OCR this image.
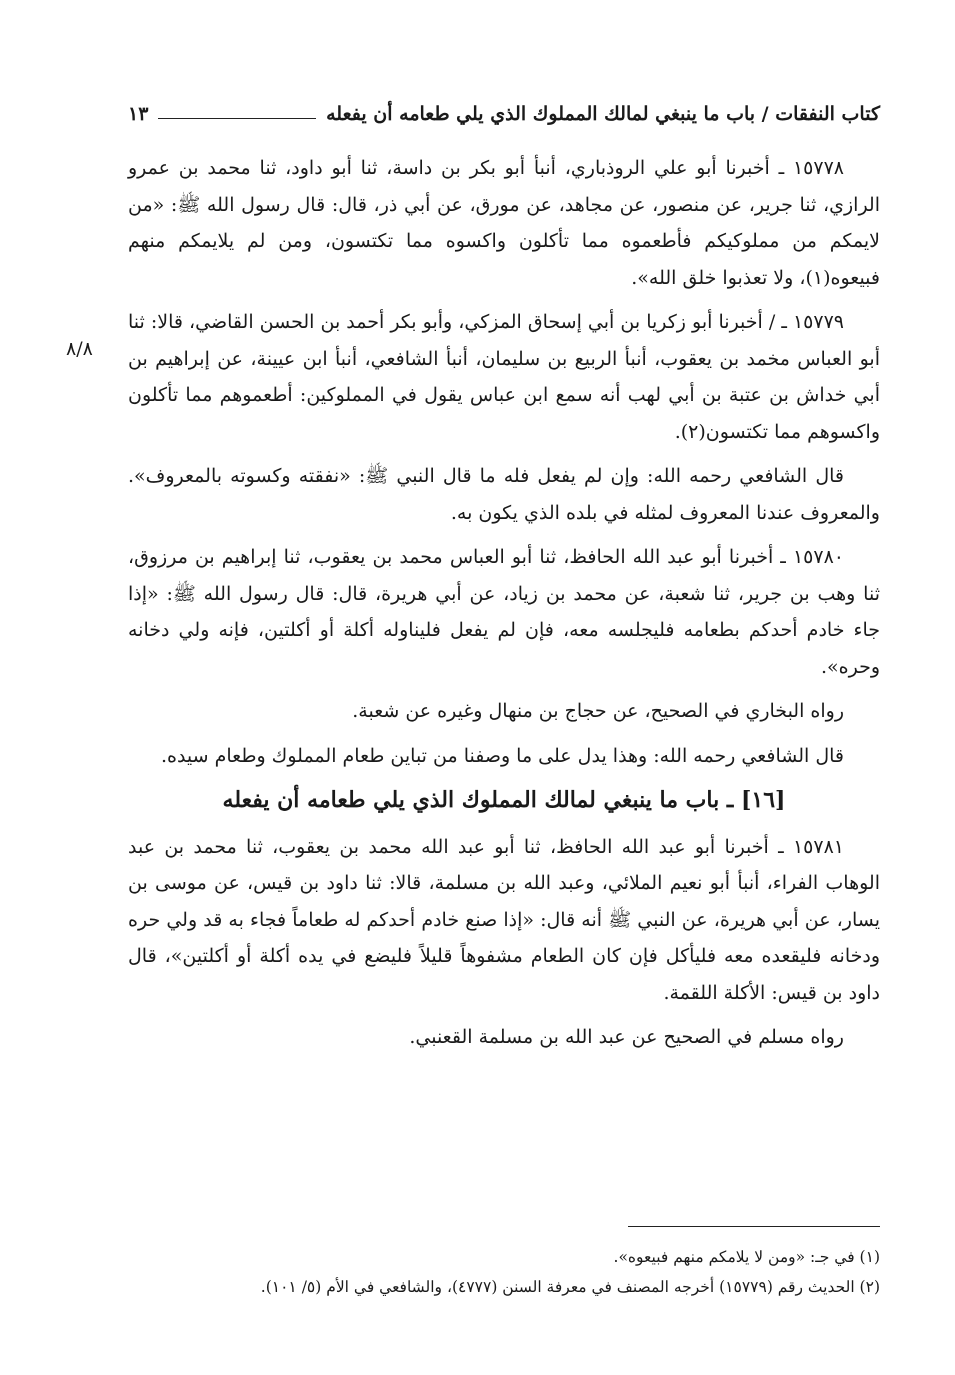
كتاب النفقات / باب ما ينبغي لمالك المملوك الذي يلي طعامه أن يفعله
١٣
٨/٨

١٥٧٧٨ ـ أخبرنا أبو علي الروذباري، أنبأ أبو بكر بن داسة، ثنا أبو داود، ثنا محمد بن عمرو الرازي، ثنا جرير، عن منصور، عن مجاهد، عن مورق، عن أبي ذر، قال: قال رسول الله ﷺ: «من لايمكم من مملوكيكم فأطعموه مما تأكلون واكسوه مما تكتسون، ومن لم يلايمكم منهم فبيعوه(١)، ولا تعذبوا خلق الله».

١٥٧٧٩ ـ / أخبرنا أبو زكريا بن أبي إسحاق المزكي، وأبو بكر أحمد بن الحسن القاضي، قالا: ثنا أبو العباس مخمد بن يعقوب، أنبأ الربيع بن سليمان، أنبأ الشافعي، أنبأ ابن عيينة، عن إبراهيم بن أبي خداش بن عتبة بن أبي لهب أنه سمع ابن عباس يقول في المملوكين: أطعموهم مما تأكلون واكسوهم مما تكتسون(٢).

قال الشافعي رحمه الله: وإن لم يفعل فله ما قال النبي ﷺ: «نفقته وكسوته بالمعروف». والمعروف عندنا المعروف لمثله في بلده الذي يكون به.

١٥٧٨٠ ـ أخبرنا أبو عبد الله الحافظ، ثنا أبو العباس محمد بن يعقوب، ثنا إبراهيم بن مرزوق، ثنا وهب بن جرير، ثنا شعبة، عن محمد بن زياد، عن أبي هريرة، قال: قال رسول الله ﷺ: «إذا جاء خادم أحدكم بطعامه فليجلسه معه، فإن لم يفعل فليناوله أكلة أو أكلتين، فإنه ولي دخانه وحره».

رواه البخاري في الصحيح، عن حجاج بن منهال وغيره عن شعبة.

قال الشافعي رحمه الله: وهذا يدل على ما وصفنا من تباين طعام المملوك وطعام سيده.

[١٦] ـ باب ما ينبغي لمالك المملوك الذي يلي طعامه أن يفعله

١٥٧٨١ ـ أخبرنا أبو عبد الله الحافظ، ثنا أبو عبد الله محمد بن يعقوب، ثنا محمد بن عبد الوهاب الفراء، أنبأ أبو نعيم الملائي، وعبد الله بن مسلمة، قالا: ثنا داود بن قيس، عن موسى بن يسار، عن أبي هريرة، عن النبي ﷺ أنه قال: «إذا صنع خادم أحدكم له طعاماً فجاء به قد ولي حره ودخانه فليقعده معه فليأكل فإن كان الطعام مشفوهاً قليلاً فليضع في يده أكلة أو أكلتين»، قال داود بن قيس: الأكلة اللقمة.

رواه مسلم في الصحيح عن عبد الله بن مسلمة القعنبي.

(١) في جـ: «ومن لا يلامكم منهم فبيعوه».
(٢) الحديث رقم (١٥٧٧٩) أخرجه المصنف في معرفة السنن (٤٧٧٧)، والشافعي في الأم (٥/ ١٠١).
